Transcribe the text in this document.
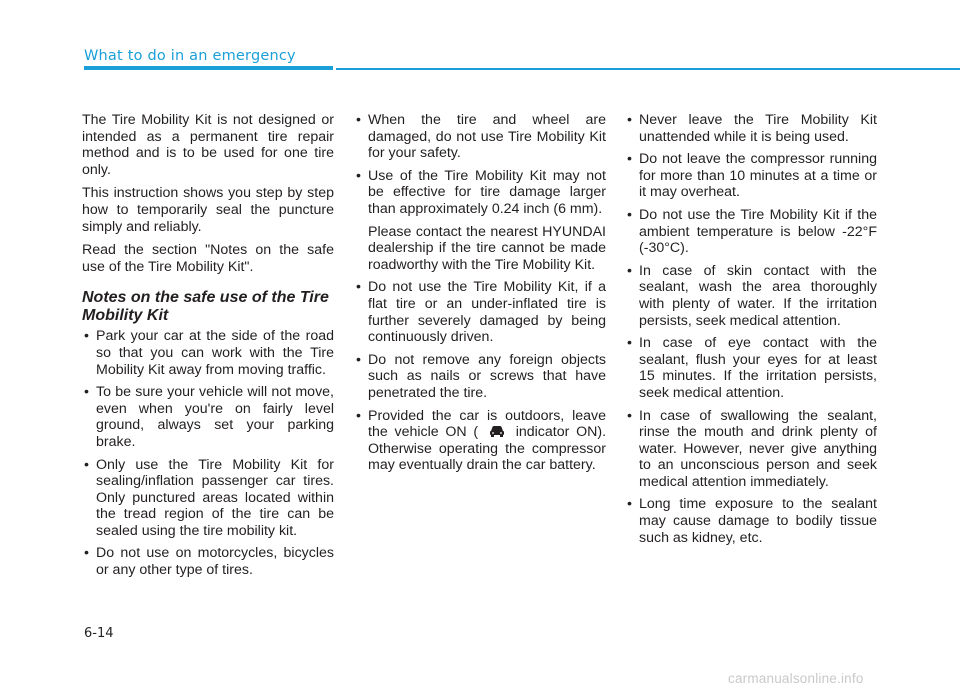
What to do in an emergency

The Tire Mobility Kit is not designed or intended as a permanent tire repair method and is to be used for one tire only.

This instruction shows you step by step how to temporarily seal the puncture simply and reliably.

Read the section "Notes on the safe use of the Tire Mobility Kit".

Notes on the safe use of the Tire Mobility Kit
• Park your car at the side of the road so that you can work with the Tire Mobility Kit away from moving traffic.
• To be sure your vehicle will not move, even when you're on fairly level ground, always set your parking brake.
• Only use the Tire Mobility Kit for sealing/inflation passenger car tires. Only punctured areas located within the tread region of the tire can be sealed using the tire mobility kit.
• Do not use on motorcycles, bicycles or any other type of tires.
• When the tire and wheel are damaged, do not use Tire Mobility Kit for your safety.
• Use of the Tire Mobility Kit may not be effective for tire damage larger than approximately 0.24 inch (6 mm).
Please contact the nearest HYUNDAI dealership if the tire cannot be made roadworthy with the Tire Mobility Kit.
• Do not use the Tire Mobility Kit, if a flat tire or an under-inflated tire is further severely damaged by being continuously driven.
• Do not remove any foreign objects such as nails or screws that have penetrated the tire.
• Provided the car is outdoors, leave the vehicle ON (	indicator ON). Otherwise operating the compressor may eventually drain the car battery.
• Never leave the Tire Mobility Kit unattended while it is being used.
• Do not leave the compressor running for more than 10 minutes at a time or it may overheat.
• Do not use the Tire Mobility Kit if the ambient temperature is below -22°F (-30°C).
• In case of skin contact with the sealant, wash the area thoroughly with plenty of water. If the irritation persists, seek medical attention.
• In case of eye contact with the sealant, flush your eyes for at least 15 minutes. If the irritation persists, seek medical attention.
• In case of swallowing the sealant, rinse the mouth and drink plenty of water. However, never give anything to an unconscious person and seek medical attention immediately.
• Long time exposure to the sealant may cause damage to bodily tissue such as kidney, etc.
6-14
carmanualsonline.info
